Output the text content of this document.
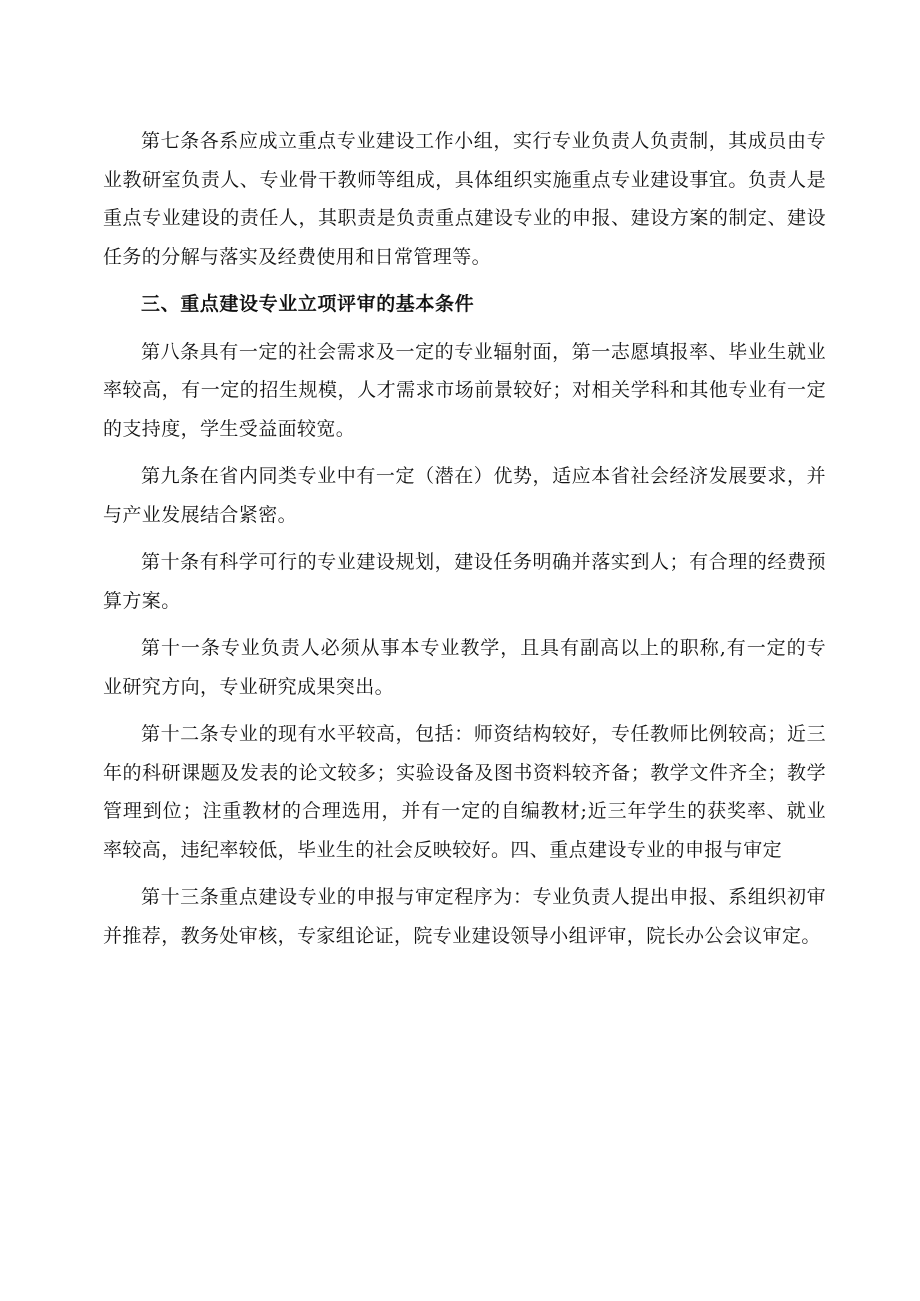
第七条各系应成立重点专业建设工作小组，实行专业负责人负责制，其成员由专业教研室负责人、专业骨干教师等组成，具体组织实施重点专业建设事宜。负责人是重点专业建设的责任人，其职责是负责重点建设专业的申报、建设方案的制定、建设任务的分解与落实及经费使用和日常管理等。

三、重点建设专业立项评审的基本条件

第八条具有一定的社会需求及一定的专业辐射面，第一志愿填报率、毕业生就业率较高，有一定的招生规模，人才需求市场前景较好；对相关学科和其他专业有一定的支持度，学生受益面较宽。

第九条在省内同类专业中有一定（潜在）优势，适应本省社会经济发展要求，并与产业发展结合紧密。

第十条有科学可行的专业建设规划，建设任务明确并落实到人；有合理的经费预算方案。

第十一条专业负责人必须从事本专业教学，且具有副高以上的职称,有一定的专业研究方向，专业研究成果突出。

第十二条专业的现有水平较高，包括：师资结构较好，专任教师比例较高；近三年的科研课题及发表的论文较多；实验设备及图书资料较齐备；教学文件齐全；教学管理到位；注重教材的合理选用，并有一定的自编教材;近三年学生的获奖率、就业率较高，违纪率较低，毕业生的社会反映较好。四、重点建设专业的申报与审定

第十三条重点建设专业的申报与审定程序为：专业负责人提出申报、系组织初审并推荐，教务处审核，专家组论证，院专业建设领导小组评审，院长办公会议审定。
